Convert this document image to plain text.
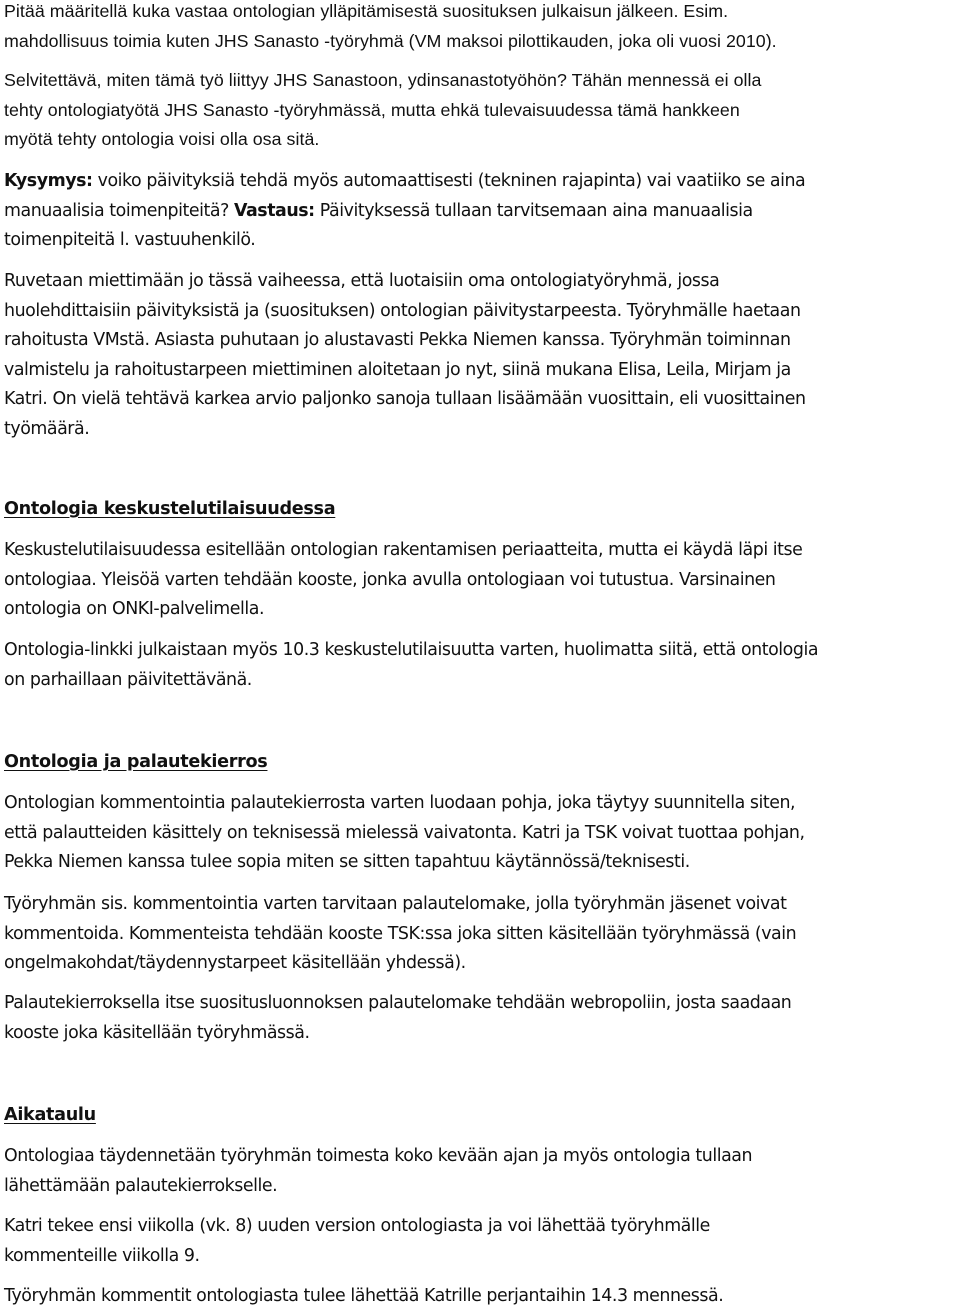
Pitää määritellä kuka vastaa ontologian ylläpitämisestä suosituksen julkaisun jälkeen. Esim.
mahdollisuus toimia kuten JHS Sanasto -työryhmä (VM maksoi pilottikauden, joka oli vuosi 2010).
Selvitettävä, miten tämä työ liittyy JHS Sanastoon, ydinsanastotyöhön? Tähän mennessä ei olla
tehty ontologiatyötä JHS Sanasto -työryhmässä, mutta ehkä tulevaisuudessa tämä hankkeen
myötä tehty ontologia voisi olla osa sitä.
Kysymys: voiko päivityksiä tehdä myös automaattisesti (tekninen rajapinta) vai vaatiiko se aina
manuaalisia toimenpiteitä? Vastaus: Päivityksessä tullaan tarvitsemaan aina manuaalisia
toimenpiteitä l. vastuuhenkilö.
Ruvetaan miettimään jo tässä vaiheessa, että luotaisiin oma ontologiatyöryhmä, jossa
huolehdittaisiin päivityksistä ja (suosituksen) ontologian päivitystarpeesta. Työryhmälle haetaan
rahoitusta VMstä. Asiasta puhutaan jo alustavasti Pekka Niemen kanssa. Työryhmän toiminnan
valmistelu ja rahoitustarpeen miettiminen aloitetaan jo nyt, siinä mukana Elisa, Leila, Mirjam ja
Katri. On vielä tehtävä karkea arvio paljonko sanoja tullaan lisäämään vuosittain, eli vuosittainen
työmäärä.
Ontologia keskustelutilaisuudessa
Keskustelutilaisuudessa esitellään ontologian rakentamisen periaatteita, mutta ei käydä läpi itse
ontologiaa. Yleisöä varten tehdään kooste, jonka avulla ontologiaan voi tutustua. Varsinainen
ontologia on ONKI-palvelimella.
Ontologia-linkki julkaistaan myös 10.3 keskustelutilaisuutta varten, huolimatta siitä, että ontologia
on parhaillaan päivitettävänä.
Ontologia ja palautekierros
Ontologian kommentointia palautekierrosta varten luodaan pohja, joka täytyy suunnitella siten,
että palautteiden käsittely on teknisessä mielessä vaivatonta. Katri ja TSK voivat tuottaa pohjan,
Pekka Niemen kanssa tulee sopia miten se sitten tapahtuu käytännössä/teknisesti.
Työryhmän sis. kommentointia varten tarvitaan palautelomake, jolla työryhmän jäsenet voivat
kommentoida. Kommenteista tehdään kooste TSK:ssa joka sitten käsitellään työryhmässä (vain
ongelmakohdat/täydennystarpeet käsitellään yhdessä).
Palautekierroksella itse suositusluonnoksen palautelomake tehdään webropoliin, josta saadaan
kooste joka käsitellään työryhmässä.
Aikataulu
Ontologiaa täydennetään työryhmän toimesta koko kevään ajan ja myös ontologia tullaan
lähettämään palautekierrokselle.
Katri tekee ensi viikolla (vk. 8) uuden version ontologiasta ja voi lähettää työryhmälle
kommenteille viikolla 9.
Työryhmän kommentit ontologiasta tulee lähettää Katrille perjantaihin 14.3 mennessä.
